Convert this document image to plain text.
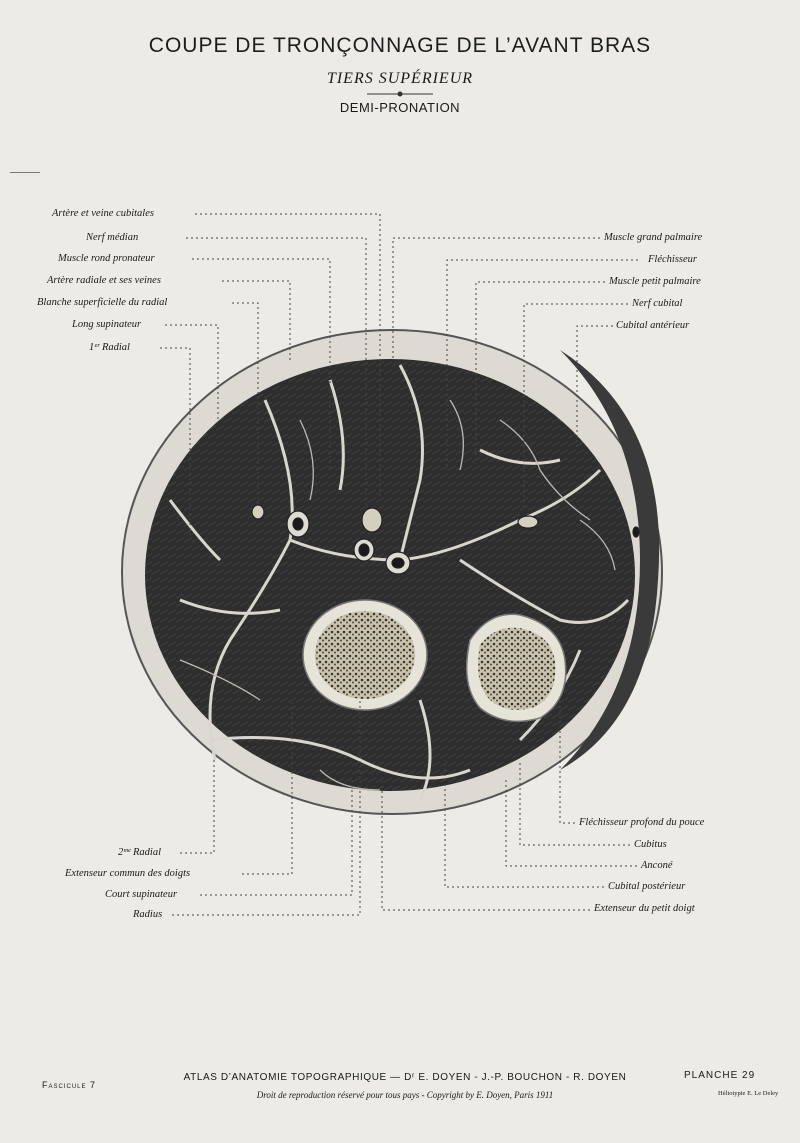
COUPE DE TRONÇONNAGE DE L’AVANT BRAS
TIERS SUPÉRIEUR
DEMI-PRONATION
Artère et veine cubitales
Nerf médian
Muscle rond pronateur
Artère radiale et ses veines
Blanche superficielle du radial
Long supinateur
1ᵉʳ Radial
Muscle grand palmaire
Fléchisseur
Muscle petit palmaire
Nerf cubital
Cubital antérieur
2ᵐᵉ Radial
Extenseur commun des doigts
Court supinateur
Radius
Fléchisseur profond du pouce
Cubitus
Anconé
Cubital postérieur
Extenseur du petit doigt
Fascicule 7
ATLAS D’ANATOMIE TOPOGRAPHIQUE — Dʳ E. DOYEN - J.-P. BOUCHON - R. DOYEN
Droit de reproduction réservé pour tous pays - Copyright by E. Doyen, Paris 1911
PLANCHE 29
Héliotypie E. Le Deley
